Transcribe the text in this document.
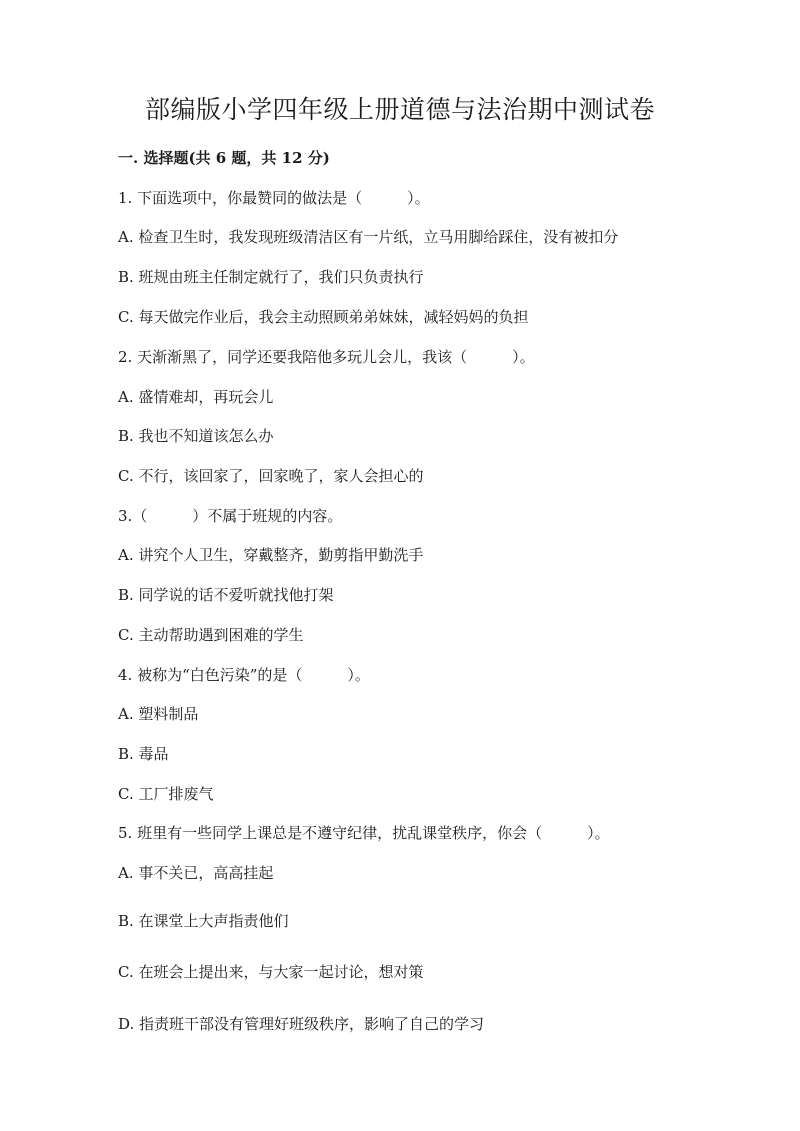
部编版小学四年级上册道德与法治期中测试卷
一. 选择题(共 6 题，共 12 分)
1. 下面选项中，你最赞同的做法是（　　　）。
A. 检查卫生时，我发现班级清洁区有一片纸，立马用脚给踩住，没有被扣分
B. 班规由班主任制定就行了，我们只负责执行
C. 每天做完作业后，我会主动照顾弟弟妹妹，减轻妈妈的负担
2. 天渐渐黑了，同学还要我陪他多玩儿会儿，我该（　　　）。
A. 盛情难却，再玩会儿
B. 我也不知道该怎么办
C. 不行，该回家了，回家晚了，家人会担心的
3.（　　　）不属于班规的内容。
A. 讲究个人卫生，穿戴整齐，勤剪指甲勤洗手
B. 同学说的话不爱听就找他打架
C. 主动帮助遇到困难的学生
4. 被称为“白色污染”的是（　　　）。
A. 塑料制品
B. 毒品
C. 工厂排废气
5. 班里有一些同学上课总是不遵守纪律，扰乱课堂秩序，你会（　　　）。
A. 事不关已，高高挂起
B. 在课堂上大声指责他们
C. 在班会上提出来，与大家一起讨论，想对策
D. 指责班干部没有管理好班级秩序，影响了自己的学习
